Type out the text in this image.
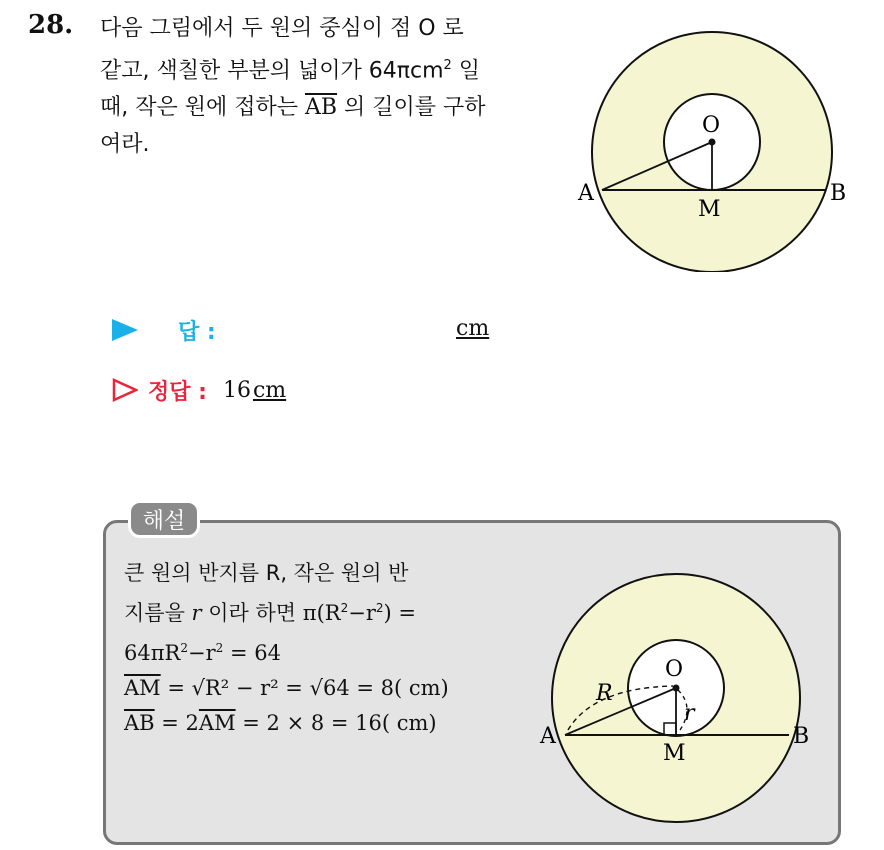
28. 다음 그림에서 두 원의 중심이 점 O 로
같고, 색칠한 부분의 넓이가 64πcm$^2$ 일
때, 작은 원에 접하는 $\overline{AB}$ 의 길이를 구하
여라.
O
A	B
M
답 :	cm
정답 : 16cm
해설
큰 원의 반지름 R, 작은 원의 반
지름을 r 이라 하면 $\pi(R^2-r^2)$ =
$64\pi R^2-r^2 = 64$
$\overline{AM} = √R^2 - r^2 = √64 = 8$( cm)
$\overline{AB} = 2\overline{AM} = 2 \times 8 = 16$( cm)
O
A	B
M
R
r
